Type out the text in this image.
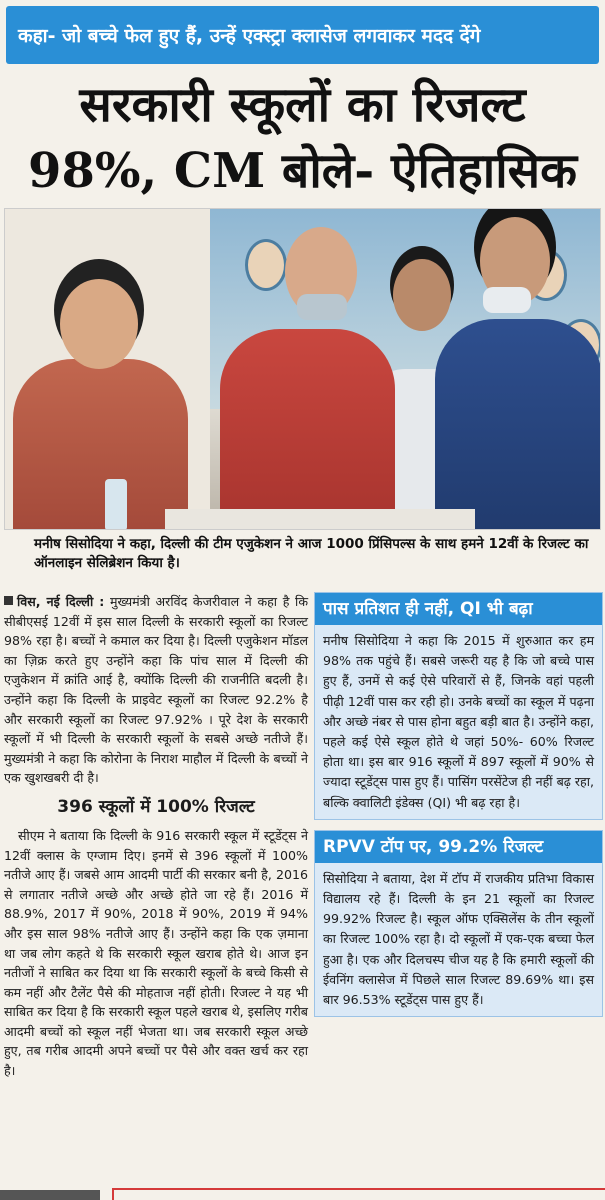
कहा- जो बच्चे फेल हुए हैं, उन्हें एक्स्ट्रा क्लासेज लगवाकर मदद देंगे
सरकारी स्कूलों का रिजल्ट
98%, CM बोले- ऐतिहासिक
मनीष सिसोदिया ने कहा, दिल्ली की टीम एजुकेशन ने आज 1000 प्रिंसिपल्स के साथ हमने 12वीं के रिजल्ट का ऑनलाइन सेलिब्रेशन किया है।

विस, नई दिल्ली : मुख्यमंत्री अरविंद केजरीवाल ने कहा है कि सीबीएसई 12वीं में इस साल दिल्ली के सरकारी स्कूलों का रिजल्ट 98% रहा है। बच्चों ने कमाल कर दिया है। दिल्ली एजुकेशन मॉडल का ज़िक्र करते हुए उन्होंने कहा कि पांच साल में दिल्ली की एजुकेशन में क्रांति आई है, क्योंकि दिल्ली की राजनीति बदली है। उन्होंने कहा कि दिल्ली के प्राइवेट स्कूलों का रिजल्ट 92.2% है और सरकारी स्कूलों का रिजल्ट 97.92% । पूरे देश के सरकारी स्कूलों में भी दिल्ली के सरकारी स्कूलों के सबसे अच्छे नतीजे हैं। मुख्यमंत्री ने कहा कि कोरोना के निराश माहौल में दिल्ली के बच्चों ने एक खुशखबरी दी है।

396 स्कूलों में 100% रिजल्ट

सीएम ने बताया कि दिल्ली के 916 सरकारी स्कूल में स्टूडेंट्स ने 12वीं क्लास के एग्जाम दिए। इनमें से 396 स्कूलों में 100% नतीजे आए हैं। जबसे आम आदमी पार्टी की सरकार बनी है, 2016 से लगातार नतीजे अच्छे और अच्छे होते जा रहे हैं। 2016 में 88.9%, 2017 में 90%, 2018 में 90%, 2019 में 94% और इस साल 98% नतीजे आए हैं। उन्होंने कहा कि एक ज़माना था जब लोग कहते थे कि सरकारी स्कूल खराब होते थे। आज इन नतीजों ने साबित कर दिया था कि सरकारी स्कूलों के बच्चे किसी से कम नहीं और टैलेंट पैसे की मोहताज नहीं होती। रिजल्ट ने यह भी साबित कर दिया है कि सरकारी स्कूल पहले खराब थे, इसलिए गरीब आदमी बच्चों को स्कूल नहीं भेजता था। जब सरकारी स्कूल अच्छे हुए, तब गरीब आदमी अपने बच्चों पर पैसे और वक्त खर्च कर रहा है।

पास प्रतिशत ही नहीं, QI भी बढ़ा
मनीष सिसोदिया ने कहा कि 2015 में शुरुआत कर हम 98% तक पहुंचे हैं। सबसे जरूरी यह है कि जो बच्चे पास हुए हैं, उनमें से कई ऐसे परिवारों से हैं, जिनके वहां पहली पीढ़ी 12वीं पास कर रही हो। उनके बच्चों का स्कूल में पढ़ना और अच्छे नंबर से पास होना बहुत बड़ी बात है। उन्होंने कहा, पहले कई ऐसे स्कूल होते थे जहां 50%- 60% रिजल्ट होता था। इस बार 916 स्कूलों में 897 स्कूलों में 90% से ज्यादा स्टूडेंट्स पास हुए हैं। पासिंग परसेंटेज ही नहीं बढ़ रहा, बल्कि क्वालिटी इंडेक्स (QI) भी बढ़ रहा है।
RPVV टॉप पर, 99.2% रिजल्ट
सिसोदिया ने बताया, देश में टॉप में राजकीय प्रतिभा विकास विद्यालय रहे हैं। दिल्ली के इन 21 स्कूलों का रिजल्ट 99.92% रिजल्ट है। स्कूल ऑफ एक्सिलेंस के तीन स्कूलों का रिजल्ट 100% रहा है। दो स्कूलों में एक-एक बच्चा फेल हुआ है। एक और दिलचस्प चीज यह है कि हमारी स्कूलों की ईवनिंग क्लासेज में पिछले साल रिजल्ट 89.69% था। इस बार 96.53% स्टूडेंट्स पास हुए हैं।
